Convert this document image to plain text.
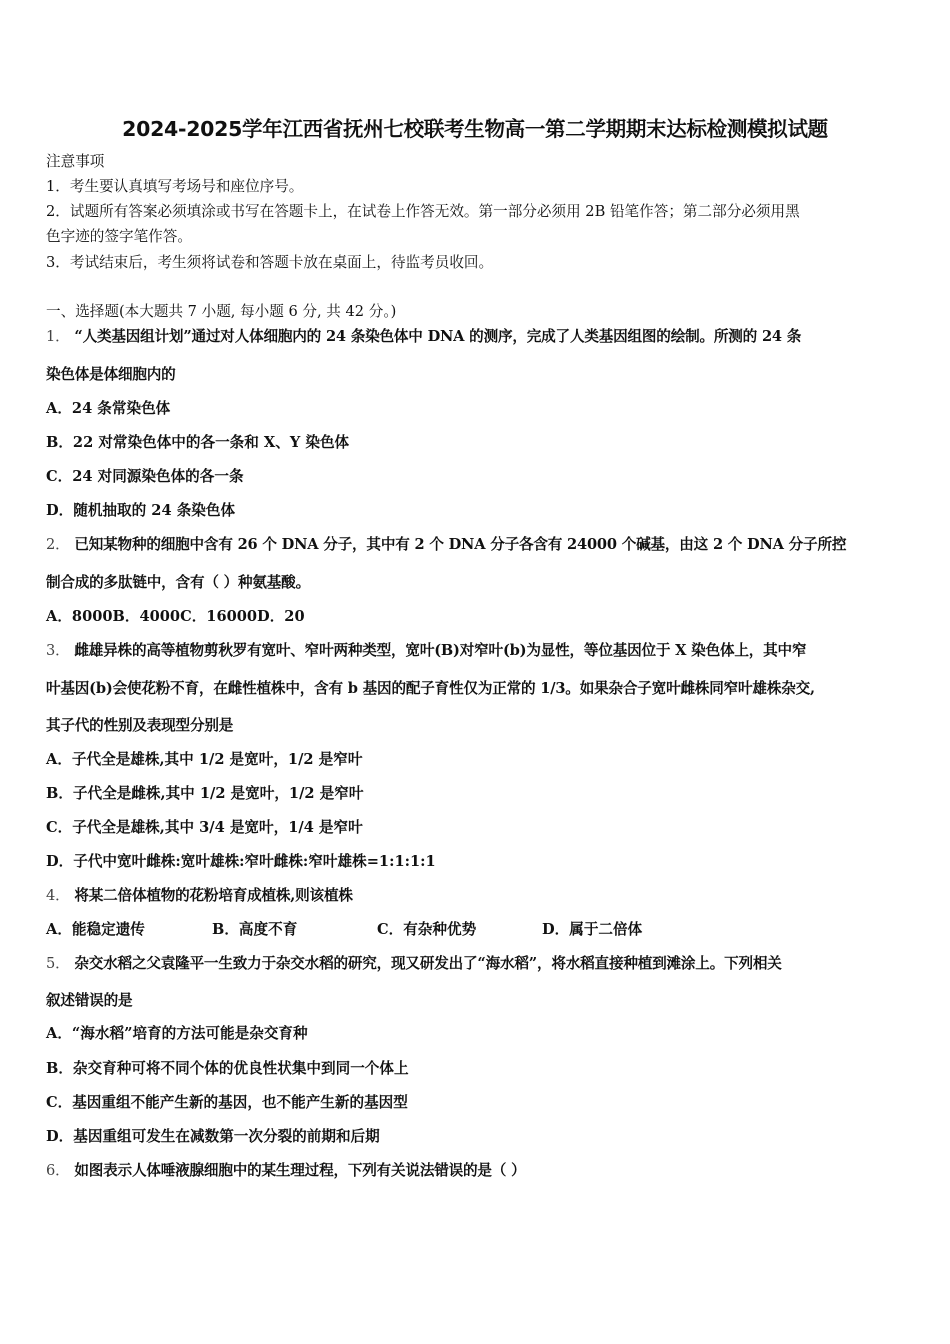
2024-2025学年江西省抚州七校联考生物高一第二学期期末达标检测模拟试题
注意事项
1．考生要认真填写考场号和座位序号。
2．试题所有答案必须填涂或书写在答题卡上，在试卷上作答无效。第一部分必须用 2B 铅笔作答；第二部分必须用黑
色字迹的签字笔作答。
3．考试结束后，考生须将试卷和答题卡放在桌面上，待监考员收回。
一、选择题(本大题共 7 小题, 每小题 6 分, 共 42 分。)
1． “人类基因组计划”通过对人体细胞内的 24 条染色体中 DNA 的测序，完成了人类基因组图的绘制。所测的 24 条
染色体是体细胞内的
A．24 条常染色体
B．22 对常染色体中的各一条和 X、Y 染色体
C．24 对同源染色体的各一条
D．随机抽取的 24 条染色体
2． 已知某物种的细胞中含有 26 个 DNA 分子，其中有 2 个 DNA 分子各含有 24000 个碱基，由这 2 个 DNA 分子所控
制合成的多肽链中，含有（ ）种氨基酸。
A．8000B．4000C．16000D．20
3． 雌雄异株的高等植物剪秋罗有宽叶、窄叶两种类型，宽叶(B)对窄叶(b)为显性，等位基因位于 X 染色体上，其中窄
叶基因(b)会使花粉不育，在雌性植株中，含有 b 基因的配子育性仅为正常的 1/3。如果杂合子宽叶雌株同窄叶雄株杂交,
其子代的性别及表现型分别是
A．子代全是雄株,其中 1/2 是宽叶，1/2 是窄叶
B．子代全是雌株,其中 1/2 是宽叶，1/2 是窄叶
C．子代全是雄株,其中 3/4 是宽叶，1/4 是窄叶
D．子代中宽叶雌株:宽叶雄株:窄叶雌株:窄叶雄株=1:1:1:1
4． 将某二倍体植物的花粉培育成植株,则该植株
A．能稳定遗传	B．高度不育	C．有杂种优势	D．属于二倍体
5． 杂交水稻之父袁隆平一生致力于杂交水稻的研究，现又研发出了“海水稻”，将水稻直接种植到滩涂上。下列相关
叙述错误的是
A．“海水稻”培育的方法可能是杂交育种
B．杂交育种可将不同个体的优良性状集中到同一个体上
C．基因重组不能产生新的基因，也不能产生新的基因型
D．基因重组可发生在减数第一次分裂的前期和后期
6． 如图表示人体唾液腺细胞中的某生理过程，下列有关说法错误的是（ ）
